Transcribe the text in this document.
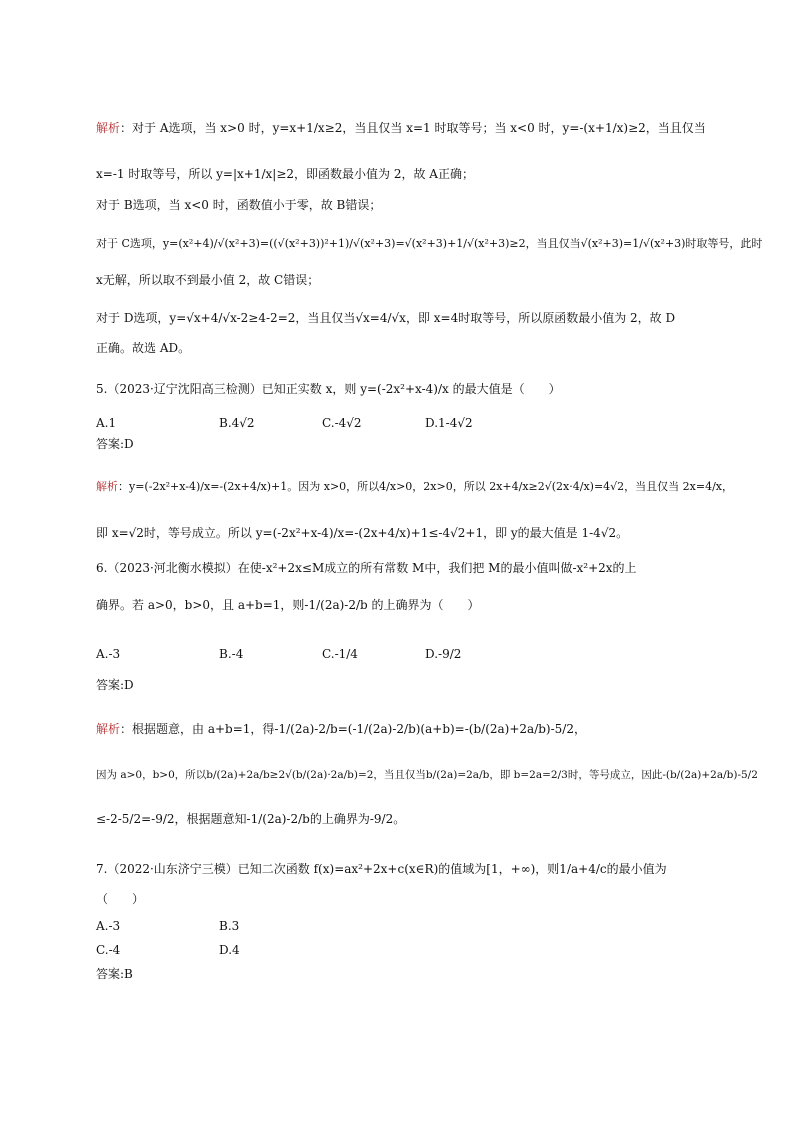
解析：对于 A选项，当 x>0 时，y=x+1/x≥2，当且仅当 x=1 时取等号；当 x<0 时，y=-(x+1/x)≥2，当且仅当
x=-1 时取等号，所以 y=|x+1/x|≥2，即函数最小值为 2，故 A正确；
对于 B选项，当 x<0 时，函数值小于零，故 B错误；
对于 C选项，y=(x²+4)/√(x²+3)=((√(x²+3))²+1)/√(x²+3)=√(x²+3)+1/√(x²+3)≥2，当且仅当√(x²+3)=1/√(x²+3)时取等号，此时
x无解，所以取不到最小值 2，故 C错误；
对于 D选项，y=√x+4/√x-2≥4-2=2，当且仅当√x=4/√x，即 x=4时取等号，所以原函数最小值为 2，故 D
正确。故选 AD。
5.（2023·辽宁沈阳高三检测）已知正实数 x，则 y=(-2x²+x-4)/x 的最大值是（　　）
A.1	B.4√2	C.-4√2	D.1-4√2
答案:D
解析：y=(-2x²+x-4)/x=-(2x+4/x)+1。因为 x>0，所以4/x>0，2x>0，所以 2x+4/x≥2√(2x·4/x)=4√2，当且仅当 2x=4/x，
即 x=√2时，等号成立。所以 y=(-2x²+x-4)/x=-(2x+4/x)+1≤-4√2+1，即 y的最大值是 1-4√2。
6.（2023·河北衡水模拟）在使-x²+2x≤M成立的所有常数 M中，我们把 M的最小值叫做-x²+2x的上
确界。若 a>0，b>0，且 a+b=1，则-1/(2a)-2/b 的上确界为（　　）
A.-3	B.-4	C.-1/4	D.-9/2
答案:D
解析：根据题意，由 a+b=1，得-1/(2a)-2/b=(-1/(2a)-2/b)(a+b)=-(b/(2a)+2a/b)-5/2，
因为 a>0，b>0，所以b/(2a)+2a/b≥2√(b/(2a)·2a/b)=2，当且仅当b/(2a)=2a/b，即 b=2a=2/3时，等号成立，因此-(b/(2a)+2a/b)-5/2
≤-2-5/2=-9/2，根据题意知-1/(2a)-2/b的上确界为-9/2。
7.（2022·山东济宁三模）已知二次函数 f(x)=ax²+2x+c(x∈R)的值域为[1，+∞)，则1/a+4/c的最小值为
（　　）
A.-3	B.3
C.-4	D.4
答案:B
